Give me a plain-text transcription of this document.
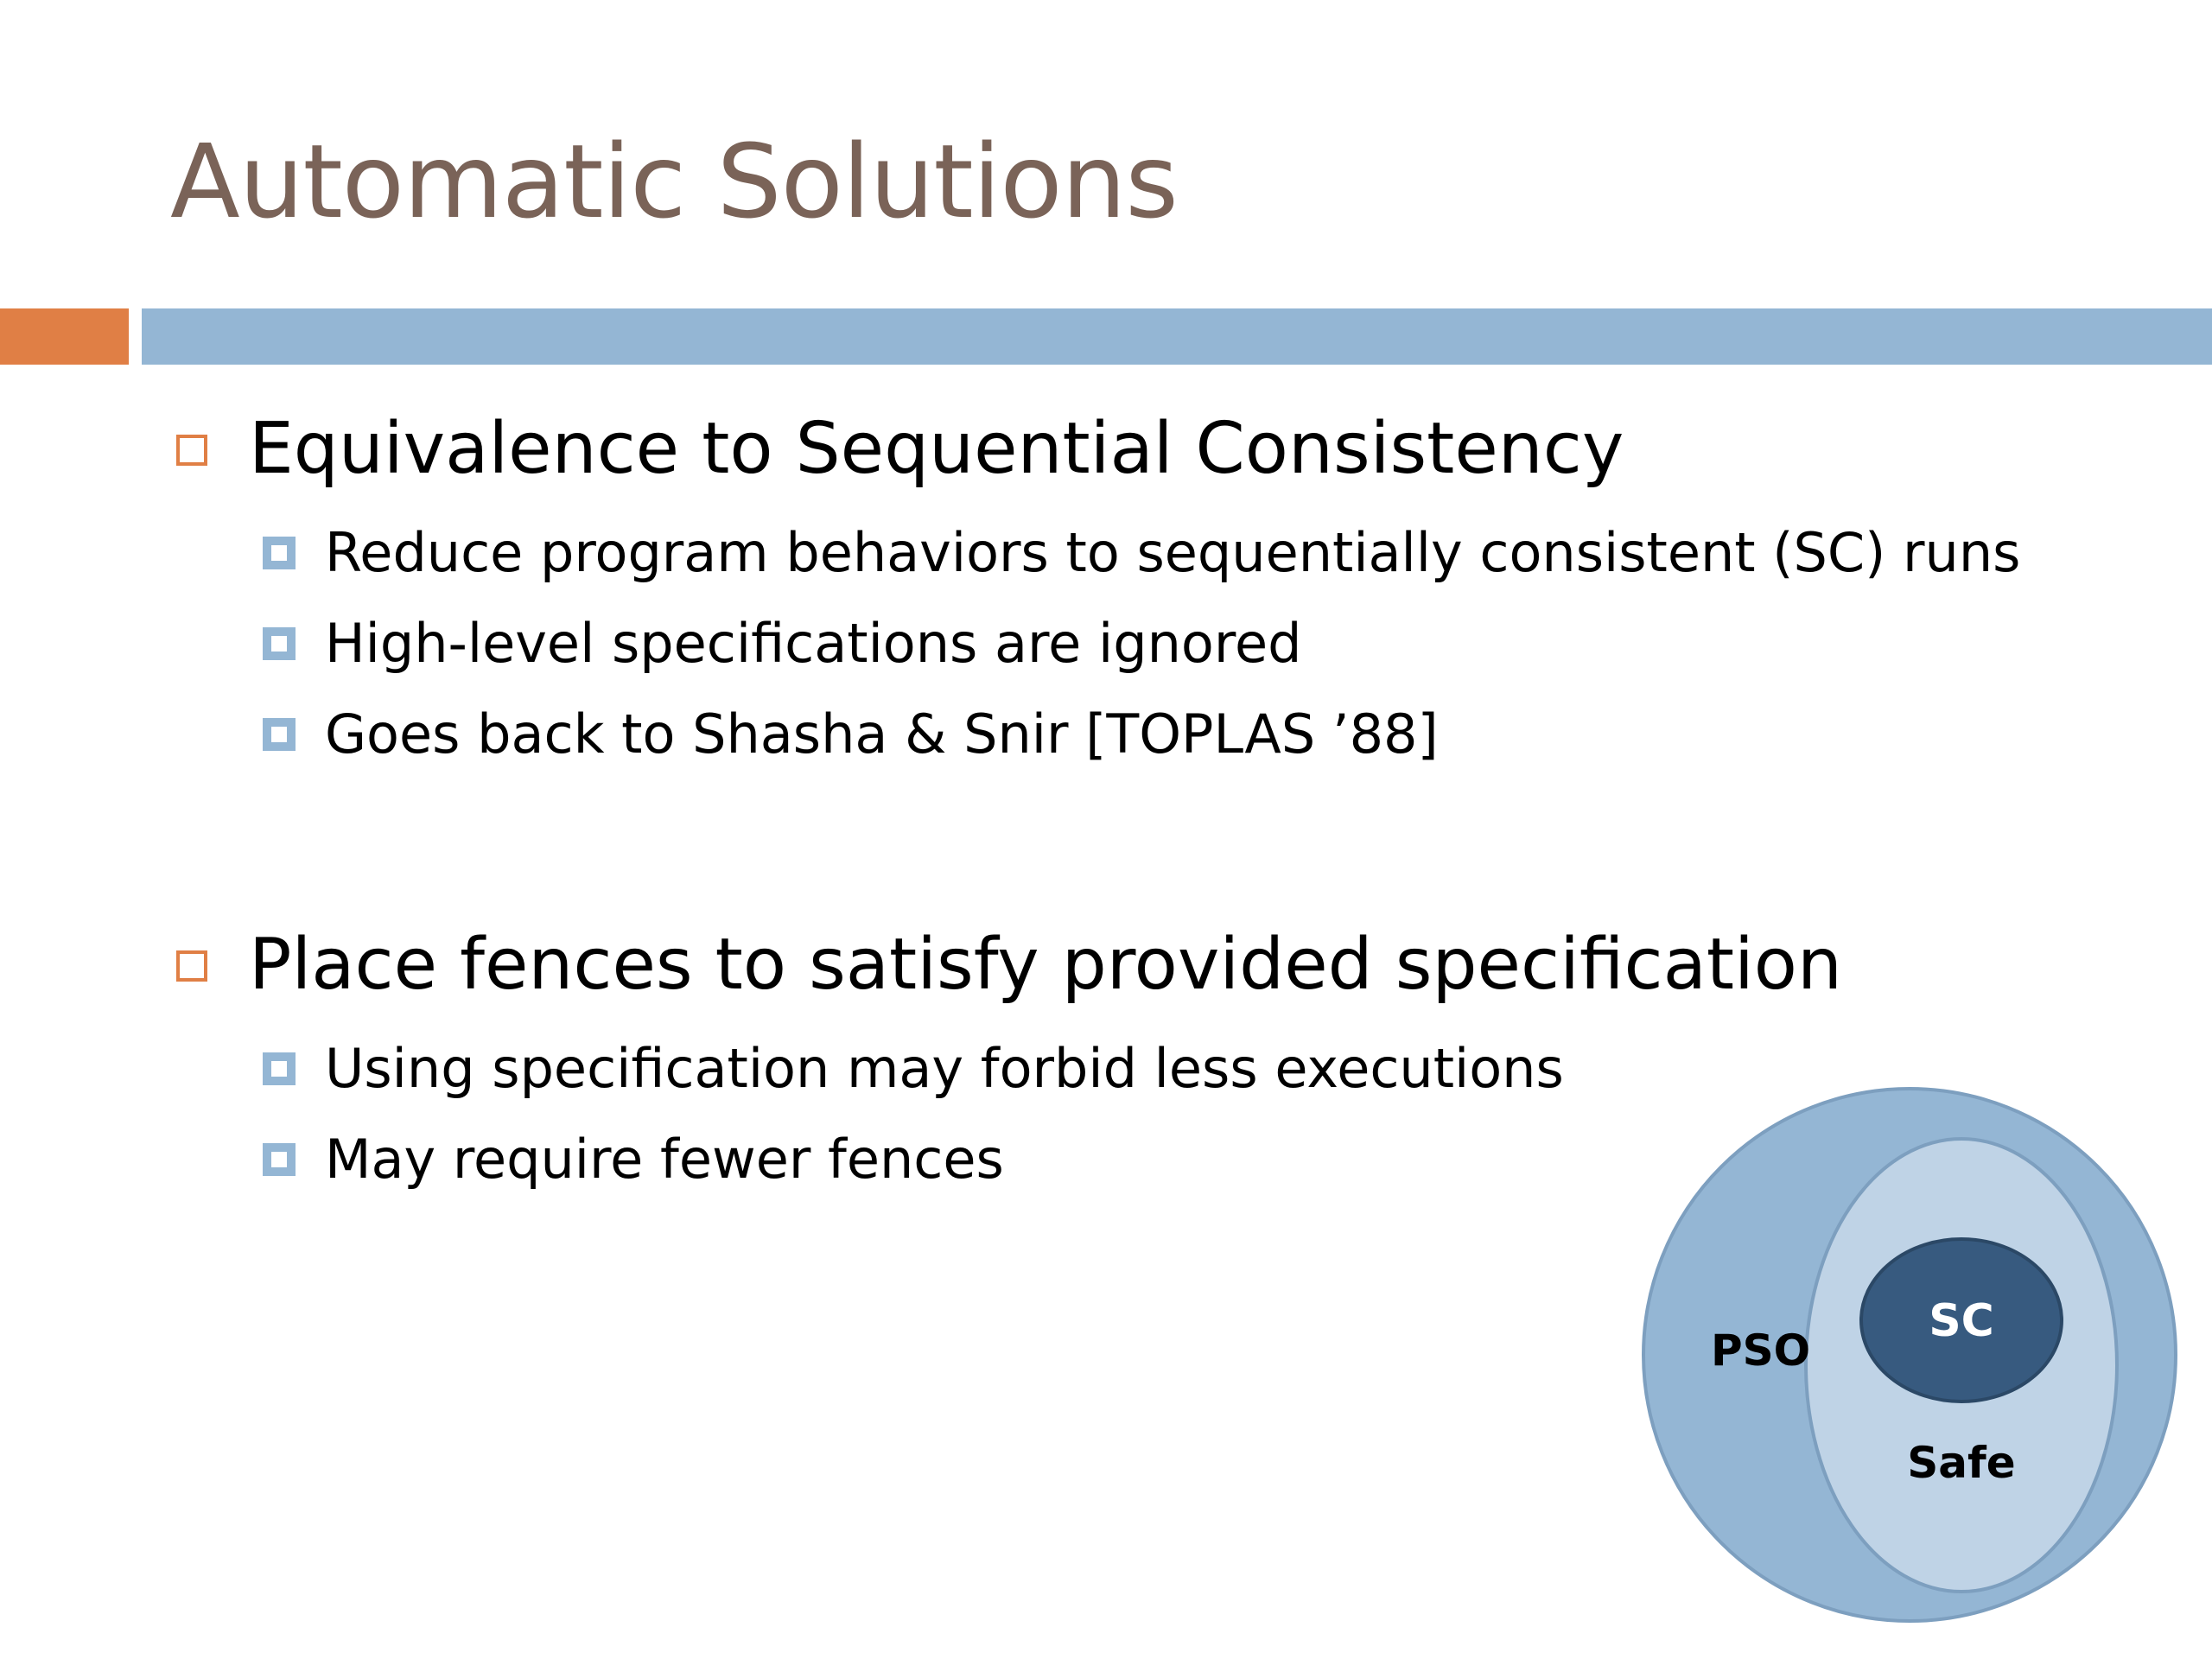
Automatic Solutions
Equivalence to Sequential Consistency
Reduce program behaviors to sequentially consistent (SC) runs
High-level specifications are ignored
Goes back to Shasha & Snir [TOPLAS ’88]
Place fences to satisfy provided specification
Using specification may forbid less executions
May require fewer fences
PSO
SC
Safe
